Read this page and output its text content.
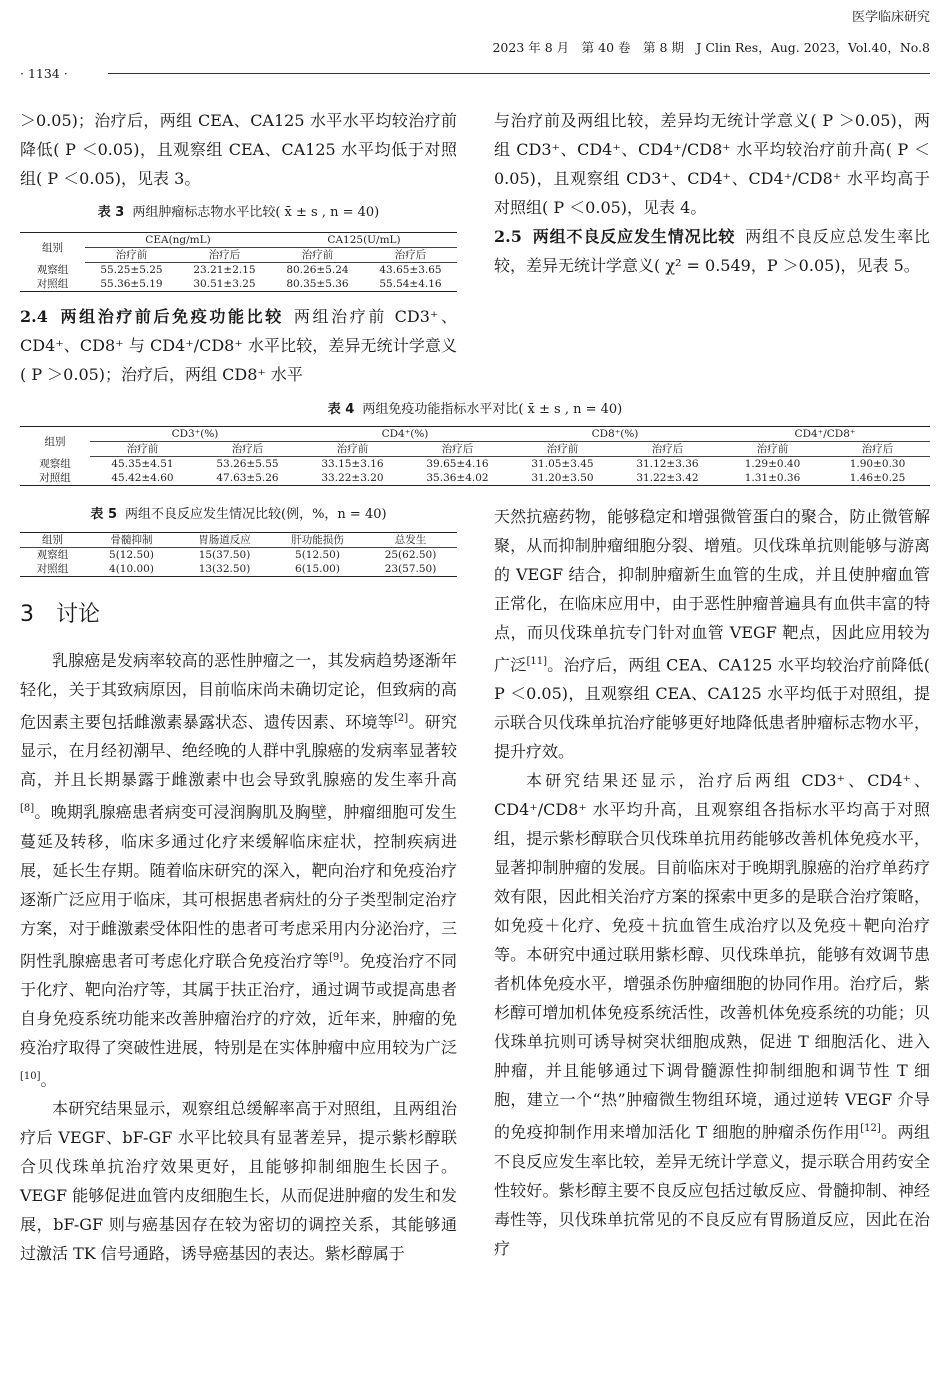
医学临床研究
2023 年 8 月　第 40 卷　第 8 期　J Clin Res，Aug. 2023，Vol.40，No.8
· 1134 ·

＞0.05)；治疗后，两组 CEA、CA125 水平水平均较治疗前降低( P ＜0.05)，且观察组 CEA、CA125 水平均低于对照组( P ＜0.05)，见表 3。

表 3 两组肿瘤标志物水平比较( x̄ ± s , n = 40)
组别	CEA(ng/mL)		CA125(U/mL)	
	治疗前	治疗后	治疗前	治疗后
观察组	55.25±5.25	23.21±2.15	80.26±5.24	43.65±3.65
对照组	55.36±5.19	30.51±3.25	80.35±5.36	55.54±4.16

2.4 两组治疗前后免疫功能比较 两组治疗前 CD3⁺、CD4⁺、CD8⁺ 与 CD4⁺/CD8⁺ 水平比较，差异无统计学意义( P ＞0.05)；治疗后，两组 CD8⁺ 水平

与治疗前及两组比较，差异均无统计学意义( P ＞0.05)，两组 CD3⁺、CD4⁺、CD4⁺/CD8⁺ 水平均较治疗前升高( P ＜0.05)，且观察组 CD3⁺、CD4⁺、CD4⁺/CD8⁺ 水平均高于对照组( P ＜0.05)，见表 4。

2.5 两组不良反应发生情况比较 两组不良反应总发生率比较，差异无统计学意义( χ² = 0.549，P ＞0.05)，见表 5。

表 4 两组免疫功能指标水平对比( x̄ ± s , n = 40)
组别	CD3⁺(%)		CD4⁺(%)		CD8⁺(%)		CD4⁺/CD8⁺	
	治疗前	治疗后	治疗前	治疗后	治疗前	治疗后	治疗前	治疗后
观察组	45.35±4.51	53.26±5.55	33.15±3.16	39.65±4.16	31.05±3.45	31.12±3.36	1.29±0.40	1.90±0.30
对照组	45.42±4.60	47.63±5.26	33.22±3.20	35.36±4.02	31.20±3.50	31.22±3.42	1.31±0.36	1.46±0.25
表 5 两组不良反应发生情况比较(例，%，n = 40)
组别	骨髓抑制	胃肠道反应	肝功能损伤	总发生
观察组	5(12.50)	15(37.50)	5(12.50)	25(62.50)
对照组	4(10.00)	13(32.50)	6(15.00)	23(57.50)
3　讨论

乳腺癌是发病率较高的恶性肿瘤之一，其发病趋势逐渐年轻化，关于其致病原因，目前临床尚未确切定论，但致病的高危因素主要包括雌激素暴露状态、遗传因素、环境等[2]。研究显示，在月经初潮早、绝经晚的人群中乳腺癌的发病率显著较高，并且长期暴露于雌激素中也会导致乳腺癌的发生率升高[8]。晚期乳腺癌患者病变可浸润胸肌及胸壁，肿瘤细胞可发生蔓延及转移，临床多通过化疗来缓解临床症状，控制疾病进展，延长生存期。随着临床研究的深入，靶向治疗和免疫治疗逐渐广泛应用于临床，其可根据患者病灶的分子类型制定治疗方案，对于雌激素受体阳性的患者可考虑采用内分泌治疗，三阴性乳腺癌患者可考虑化疗联合免疫治疗等[9]。免疫治疗不同于化疗、靶向治疗等，其属于扶正治疗，通过调节或提高患者自身免疫系统功能来改善肿瘤治疗的疗效，近年来，肿瘤的免疫治疗取得了突破性进展，特别是在实体肿瘤中应用较为广泛[10]。

本研究结果显示，观察组总缓解率高于对照组，且两组治疗后 VEGF、bF-GF 水平比较具有显著差异，提示紫杉醇联合贝伐珠单抗治疗效果更好，且能够抑制细胞生长因子。VEGF 能够促进血管内皮细胞生长，从而促进肿瘤的发生和发展，bF-GF 则与癌基因存在较为密切的调控关系，其能够通过激活 TK 信号通路，诱导癌基因的表达。紫杉醇属于

天然抗癌药物，能够稳定和增强微管蛋白的聚合，防止微管解聚，从而抑制肿瘤细胞分裂、增殖。贝伐珠单抗则能够与游离的 VEGF 结合，抑制肿瘤新生血管的生成，并且使肿瘤血管正常化，在临床应用中，由于恶性肿瘤普遍具有血供丰富的特点，而贝伐珠单抗专门针对血管 VEGF 靶点，因此应用较为广泛[11]。治疗后，两组 CEA、CA125 水平均较治疗前降低( P ＜0.05)，且观察组 CEA、CA125 水平均低于对照组，提示联合贝伐珠单抗治疗能够更好地降低患者肿瘤标志物水平，提升疗效。

本研究结果还显示，治疗后两组 CD3⁺、CD4⁺、CD4⁺/CD8⁺ 水平均升高，且观察组各指标水平均高于对照组，提示紫杉醇联合贝伐珠单抗用药能够改善机体免疫水平，显著抑制肿瘤的发展。目前临床对于晚期乳腺癌的治疗单药疗效有限，因此相关治疗方案的探索中更多的是联合治疗策略，如免疫＋化疗、免疫＋抗血管生成治疗以及免疫＋靶向治疗等。本研究中通过联用紫杉醇、贝伐珠单抗，能够有效调节患者机体免疫水平，增强杀伤肿瘤细胞的协同作用。治疗后，紫杉醇可增加机体免疫系统活性，改善机体免疫系统的功能；贝伐珠单抗则可诱导树突状细胞成熟，促进 T 细胞活化、进入肿瘤，并且能够通过下调骨髓源性抑制细胞和调节性 T 细胞，建立一个“热”肿瘤微生物组环境，通过逆转 VEGF 介导的免疫抑制作用来增加活化 T 细胞的肿瘤杀伤作用[12]。两组不良反应发生率比较，差异无统计学意义，提示联合用药安全性较好。紫杉醇主要不良反应包括过敏反应、骨髓抑制、神经毒性等，贝伐珠单抗常见的不良反应有胃肠道反应，因此在治疗
